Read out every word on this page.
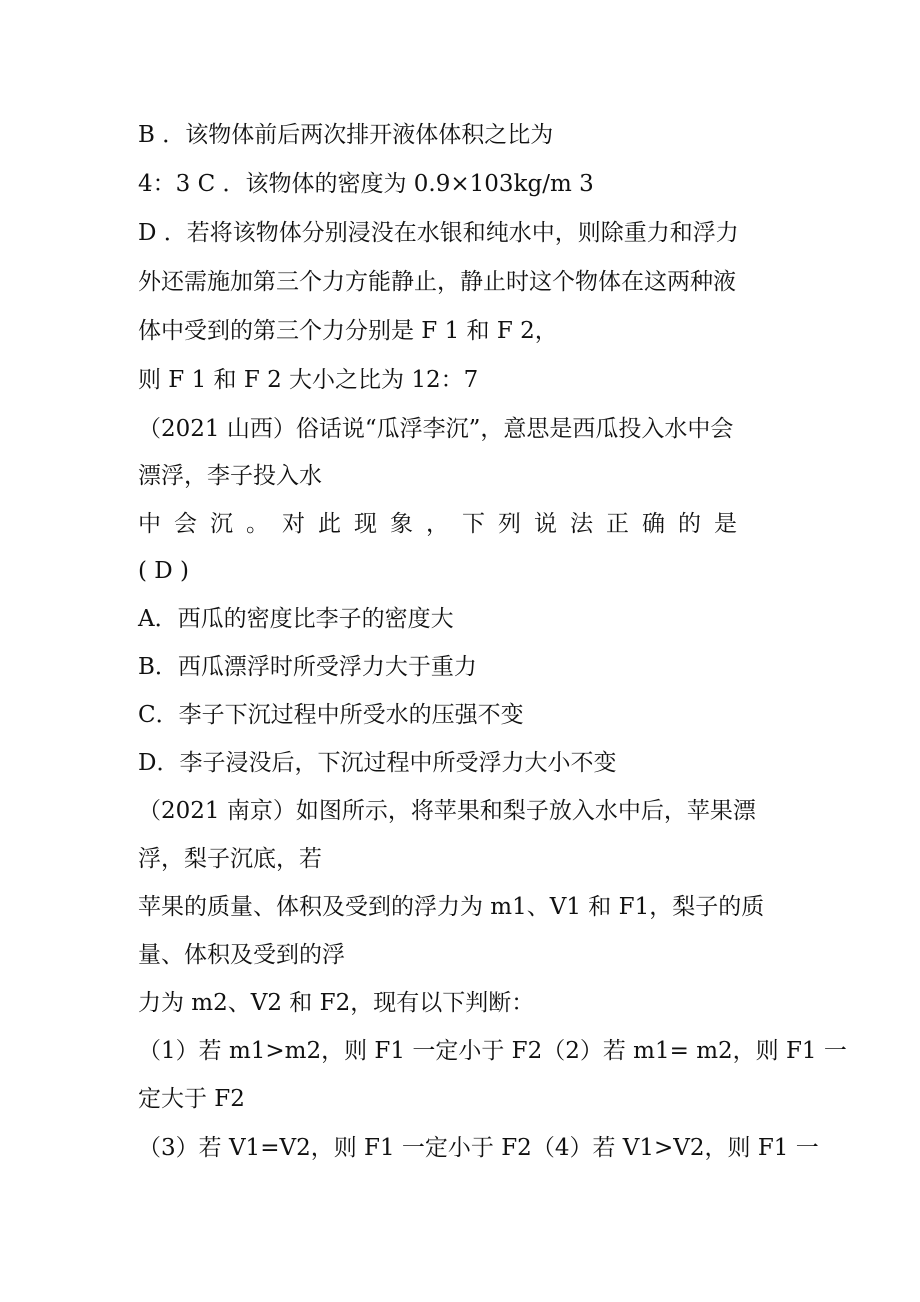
B ．该物体前后两次排开液体体积之比为
4：3 C ．该物体的密度为 0.9×103kg/m 3
D ．若将该物体分别浸没在水银和纯水中，则除重力和浮力
外还需施加第三个力方能静止，静止时这个物体在这两种液
体中受到的第三个力分别是 F 1 和 F 2，
则 F 1 和 F 2 大小之比为 12：7
（2021 山西）俗话说“瓜浮李沉”，意思是西瓜投入水中会
漂浮，李子投入水
中会沉。对此现象，下列说法正确的是
( D )
A．西瓜的密度比李子的密度大
B．西瓜漂浮时所受浮力大于重力
C．李子下沉过程中所受水的压强不变
D．李子浸没后，下沉过程中所受浮力大小不变
（2021 南京）如图所示，将苹果和梨子放入水中后，苹果漂
浮，梨子沉底，若
苹果的质量、体积及受到的浮力为 m1、V1 和 F1，梨子的质
量、体积及受到的浮
力为 m2、V2 和 F2，现有以下判断：
（1）若 m1>m2，则 F1 一定小于 F2（2）若 m1= m2，则 F1 一
定大于 F2
（3）若 V1=V2，则 F1 一定小于 F2（4）若 V1>V2，则 F1 一
